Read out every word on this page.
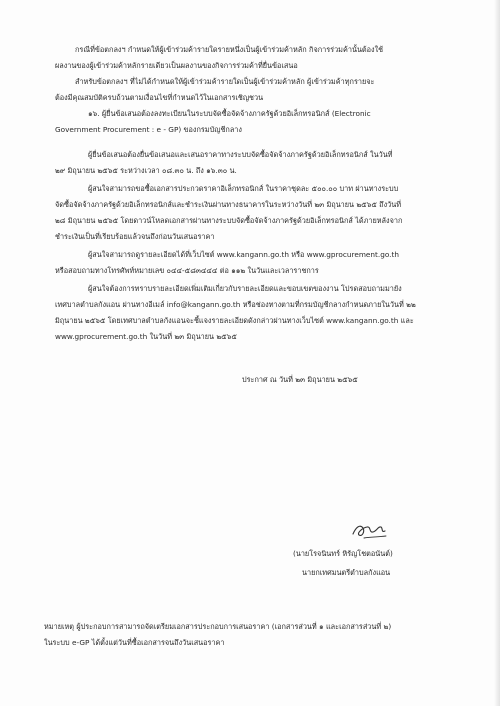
กรณีที่ข้อตกลงฯ กำหนดให้ผู้เข้าร่วมค้ารายใดรายหนึ่งเป็นผู้เข้าร่วมค้าหลัก กิจการร่วมค้านั้นต้องใช้
ผลงานของผู้เข้าร่วมค้าหลักรายเดียวเป็นผลงานของกิจการร่วมค้าที่ยื่นข้อเสนอ
สำหรับข้อตกลงฯ ที่ไม่ได้กำหนดให้ผู้เข้าร่วมค้ารายใดเป็นผู้เข้าร่วมค้าหลัก ผู้เข้าร่วมค้าทุกรายจะ
ต้องมีคุณสมบัติครบถ้วนตามเงื่อนไขที่กำหนดไว้ในเอกสารเชิญชวน
๑๖. ผู้ยื่นข้อเสนอต้องลงทะเบียนในระบบจัดซื้อจัดจ้างภาครัฐด้วยอิเล็กทรอนิกส์ (Electronic
Government Procurement : e - GP) ของกรมบัญชีกลาง
ผู้ยื่นข้อเสนอต้องยื่นข้อเสนอและเสนอราคาทางระบบจัดซื้อจัดจ้างภาครัฐด้วยอิเล็กทรอนิกส์ ในวันที่
๒๙ มิถุนายน ๒๕๖๕ ระหว่างเวลา ๐๘.๓๐ น. ถึง ๑๖.๓๐ น.
ผู้สนใจสามารถขอซื้อเอกสารประกวดราคาอิเล็กทรอนิกส์ ในราคาชุดละ ๕๐๐.๐๐ บาท ผ่านทางระบบ
จัดซื้อจัดจ้างภาครัฐด้วยอิเล็กทรอนิกส์และชำระเงินผ่านทางธนาคารในระหว่างวันที่ ๒๓ มิถุนายน ๒๕๖๕ ถึงวันที่
๒๘ มิถุนายน ๒๕๖๕ โดยดาวน์โหลดเอกสารผ่านทางระบบจัดซื้อจัดจ้างภาครัฐด้วยอิเล็กทรอนิกส์ ได้ภายหลังจาก
ชำระเงินเป็นที่เรียบร้อยแล้วจนถึงก่อนวันเสนอราคา
ผู้สนใจสามารถดูรายละเอียดได้ที่เว็บไซต์ www.kangann.go.th หรือ www.gprocurement.go.th
หรือสอบถามทางโทรศัพท์หมายเลข ๐๔๔-๕๘๓๔๔๔ ต่อ ๑๑๒ ในวันและเวลาราชการ
ผู้สนใจต้องการทราบรายละเอียดเพิ่มเติมเกี่ยวกับรายละเอียดและขอบเขตของงาน โปรดสอบถามมายัง
เทศบาลตำบลกังแอน ผ่านทางอีเมล์ info@kangann.go.th หรือช่องทางตามที่กรมบัญชีกลางกำหนดภายในวันที่ ๒๒
มิถุนายน ๒๕๖๕ โดยเทศบาลตำบลกังแอนจะชี้แจงรายละเอียดดังกล่าวผ่านทางเว็บไซต์ www.kangann.go.th และ
www.gprocurement.go.th ในวันที่ ๒๓ มิถุนายน ๒๕๖๕
ประกาศ ณ วันที่ ๒๓ มิถุนายน ๒๕๖๕
(นายโรจนินทร์ หิรัญโชตอนันต์)
นายกเทศมนตรีตำบลกังแอน
หมายเหตุ ผู้ประกอบการสามารถจัดเตรียมเอกสารประกอบการเสนอราคา (เอกสารส่วนที่ ๑ และเอกสารส่วนที่ ๒)
ในระบบ e-GP ได้ตั้งแต่วันที่ซื้อเอกสารจนถึงวันเสนอราคา
